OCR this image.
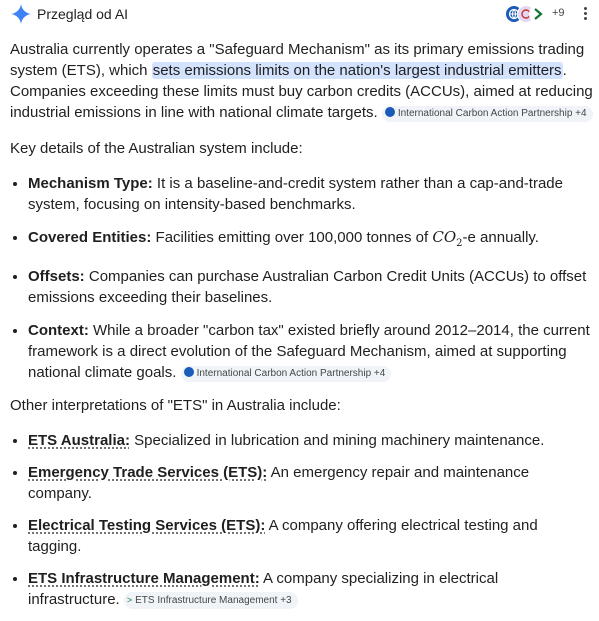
Przegląd od AI	+9

Australia currently operates a "Safeguard Mechanism" as its primary emissions trading system (ETS), which sets emissions limits on the nation's largest industrial emitters. Companies exceeding these limits must buy carbon credits (ACCUs), aimed at reducing industrial emissions in line with national climate targets. International Carbon Action Partnership +4

Key details of the Australian system include:

• Mechanism Type: It is a baseline-and-credit system rather than a cap-and-trade system, focusing on intensity-based benchmarks.
• Covered Entities: Facilities emitting over 100,000 tonnes of $CO_2-e$ annually.
• Offsets: Companies can purchase Australian Carbon Credit Units (ACCUs) to offset emissions exceeding their baselines.
• Context: While a broader "carbon tax" existed briefly around 2012–2014, the current framework is a direct evolution of the Safeguard Mechanism, aimed at supporting national climate goals. International Carbon Action Partnership +4

Other interpretations of "ETS" in Australia include:

• ETS Australia: Specialized in lubrication and mining machinery maintenance.
• Emergency Trade Services (ETS): An emergency repair and maintenance company.
• Electrical Testing Services (ETS): A company offering electrical testing and tagging.
• ETS Infrastructure Management: A company specializing in electrical infrastructure. > ETS Infrastructure Management +3
